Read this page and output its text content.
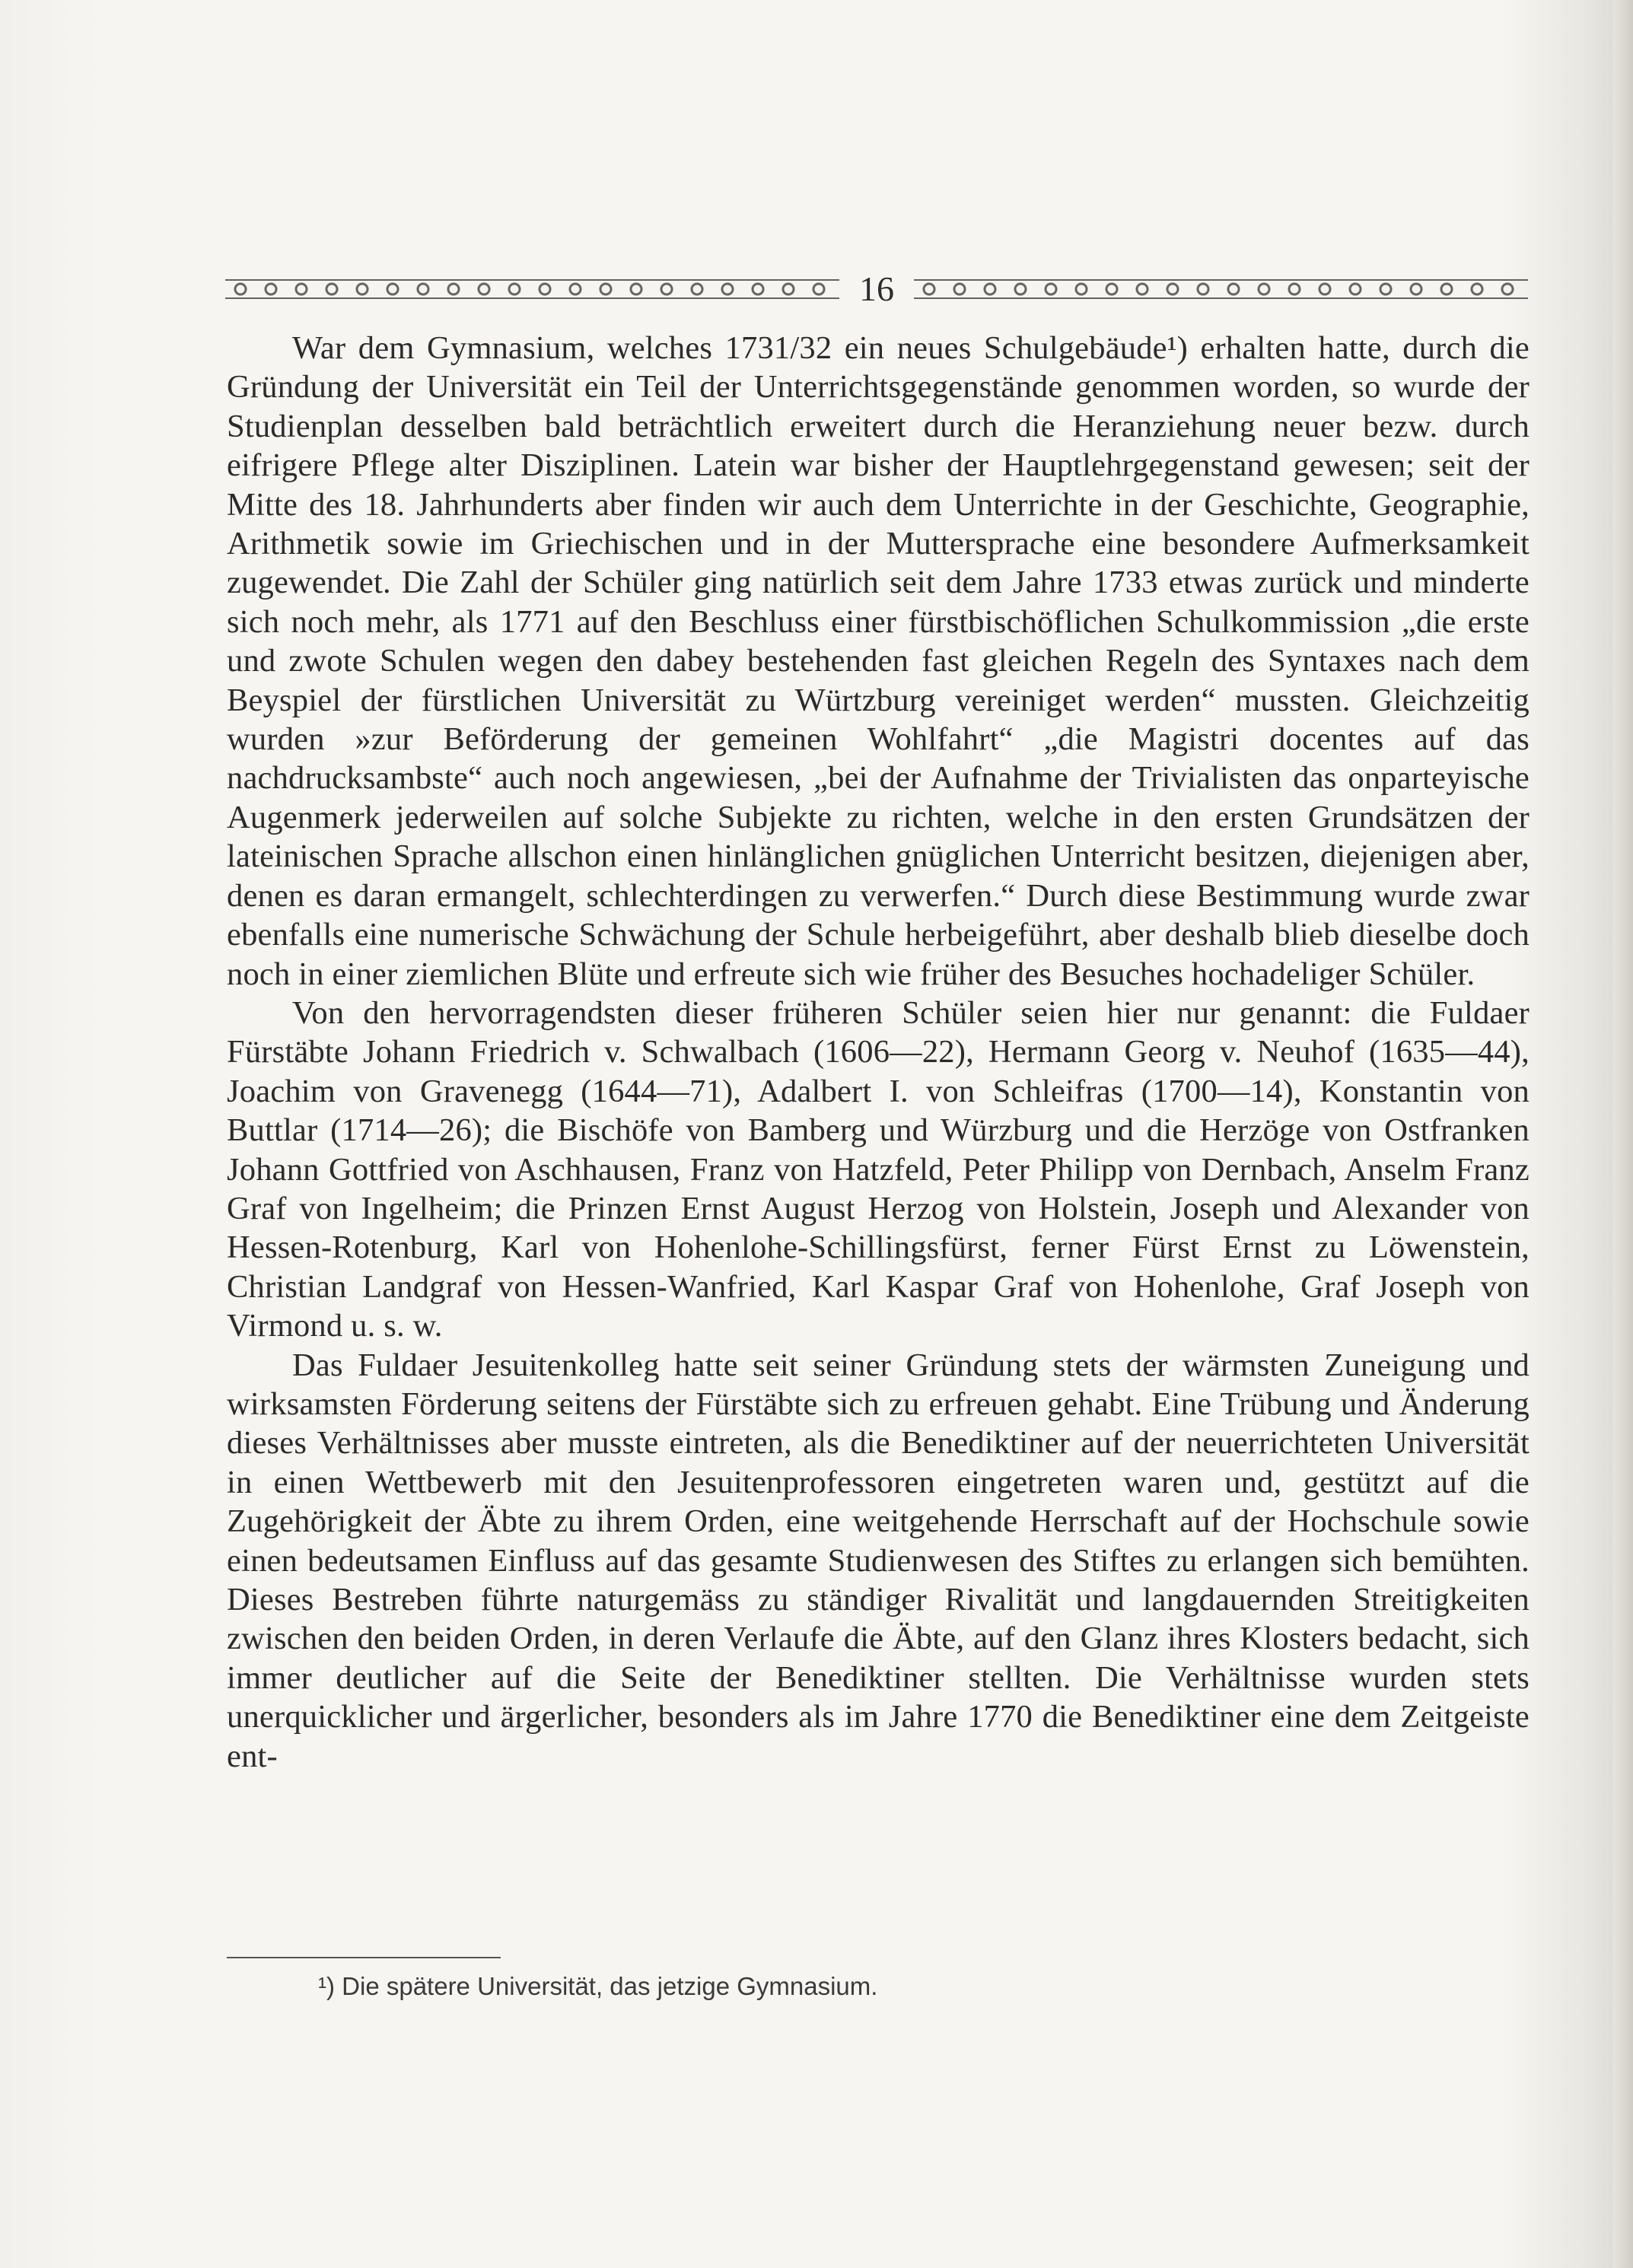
16

War dem Gymnasium, welches 1731/32 ein neues Schulgebäude¹) erhalten hatte, durch die Gründung der Universität ein Teil der Unterrichtsgegenstände genommen worden, so wurde der Studienplan desselben bald beträchtlich erweitert durch die Heranziehung neuer bezw. durch eifrigere Pflege alter Disziplinen. Latein war bisher der Hauptlehrgegenstand gewesen; seit der Mitte des 18. Jahrhunderts aber finden wir auch dem Unterrichte in der Geschichte, Geographie, Arithmetik sowie im Griechischen und in der Muttersprache eine besondere Aufmerksamkeit zugewendet. Die Zahl der Schüler ging natürlich seit dem Jahre 1733 etwas zurück und minderte sich noch mehr, als 1771 auf den Beschluss einer fürstbischöflichen Schulkommission „die erste und zwote Schulen wegen den dabey bestehenden fast gleichen Regeln des Syntaxes nach dem Beyspiel der fürstlichen Universität zu Würtzburg vereiniget werden“ mussten. Gleichzeitig wurden »zur Beförderung der gemeinen Wohlfahrt“ „die Magistri docentes auf das nachdrucksambste“ auch noch angewiesen, „bei der Aufnahme der Trivialisten das onparteyische Augenmerk jederweilen auf solche Subjekte zu richten, welche in den ersten Grundsätzen der lateinischen Sprache allschon einen hinlänglichen gnüglichen Unterricht besitzen, diejenigen aber, denen es daran ermangelt, schlechterdingen zu verwerfen.“ Durch diese Bestimmung wurde zwar ebenfalls eine numerische Schwächung der Schule herbeigeführt, aber deshalb blieb dieselbe doch noch in einer ziemlichen Blüte und erfreute sich wie früher des Besuches hochadeliger Schüler.

Von den hervorragendsten dieser früheren Schüler seien hier nur genannt: die Fuldaer Fürstäbte Johann Friedrich v. Schwalbach (1606—22), Hermann Georg v. Neuhof (1635—44), Joachim von Gravenegg (1644—71), Adalbert I. von Schleifras (1700—14), Konstantin von Buttlar (1714—26); die Bischöfe von Bamberg und Würzburg und die Herzöge von Ostfranken Johann Gottfried von Aschhausen, Franz von Hatzfeld, Peter Philipp von Dernbach, Anselm Franz Graf von Ingelheim; die Prinzen Ernst August Herzog von Holstein, Joseph und Alexander von Hessen-Rotenburg, Karl von Hohenlohe-Schillingsfürst, ferner Fürst Ernst zu Löwenstein, Christian Landgraf von Hessen-Wanfried, Karl Kaspar Graf von Hohenlohe, Graf Joseph von Virmond u. s. w.

Das Fuldaer Jesuitenkolleg hatte seit seiner Gründung stets der wärmsten Zuneigung und wirksamsten Förderung seitens der Fürstäbte sich zu erfreuen gehabt. Eine Trübung und Änderung dieses Verhältnisses aber musste eintreten, als die Benediktiner auf der neuerrichteten Universität in einen Wettbewerb mit den Jesuitenprofessoren eingetreten waren und, gestützt auf die Zugehörigkeit der Äbte zu ihrem Orden, eine weitgehende Herrschaft auf der Hochschule sowie einen bedeutsamen Einfluss auf das gesamte Studienwesen des Stiftes zu erlangen sich bemühten. Dieses Bestreben führte naturgemäss zu ständiger Rivalität und langdauernden Streitigkeiten zwischen den beiden Orden, in deren Verlaufe die Äbte, auf den Glanz ihres Klosters bedacht, sich immer deutlicher auf die Seite der Benediktiner stellten. Die Verhältnisse wurden stets unerquicklicher und ärgerlicher, besonders als im Jahre 1770 die Benediktiner eine dem Zeitgeiste ent-

¹) Die spätere Universität, das jetzige Gymnasium.
